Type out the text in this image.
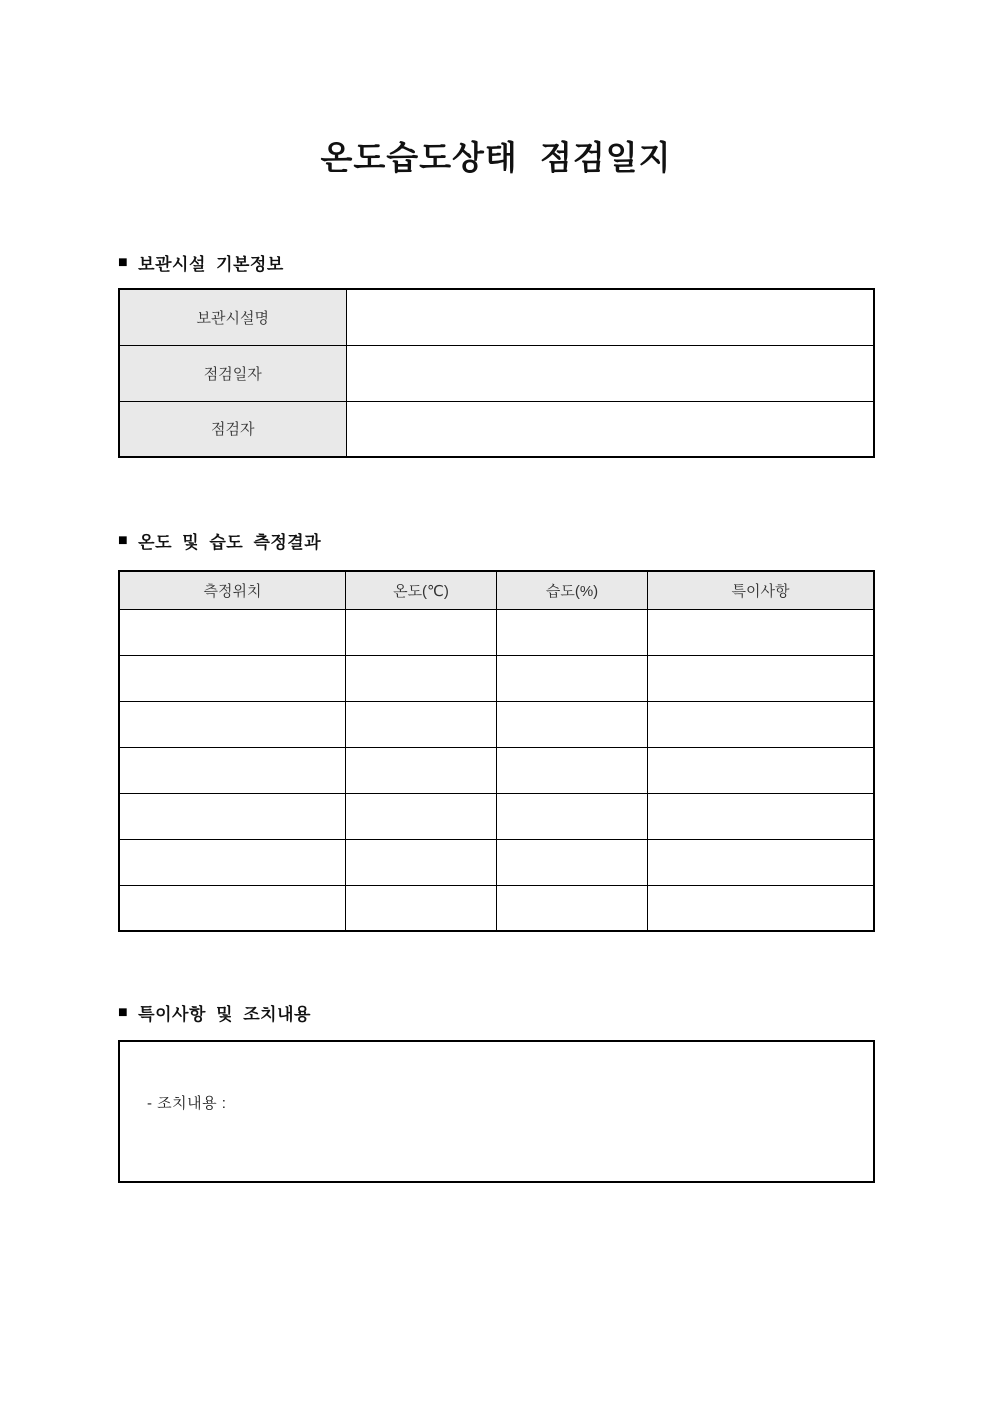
온도습도상태 점검일지
■ 보관시설 기본정보
보관시설명	
점검일자	
점검자	
■ 온도 및 습도 측정결과
측정위치	온도(℃)	습도(%)	특이사항

■ 특이사항 및 조치내용
- 조치내용 :
